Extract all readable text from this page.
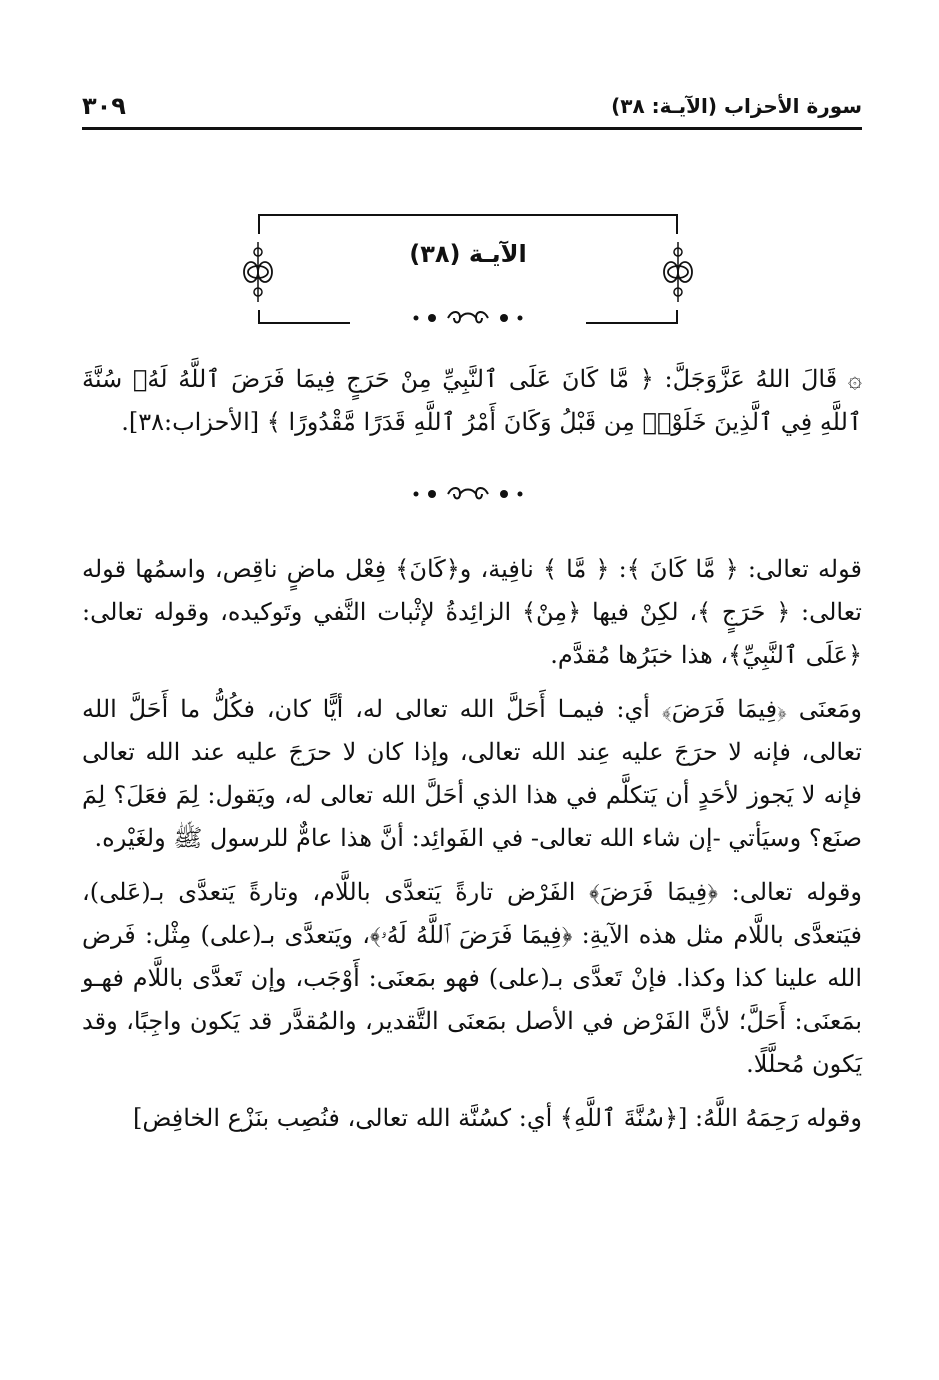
٣٠٩	سورة الأحزاب (الآيـة: ٣٨)
الآيـة (٣٨)

۞ قَالَ اللهُ عَزَّوَجَلَّ: ﴿ مَّا كَانَ عَلَى ٱلنَّبِيِّ مِنْ حَرَجٍ فِيمَا فَرَضَ ٱللَّهُ لَهُۥ سُنَّةَ ٱللَّهِ فِي ٱلَّذِينَ خَلَوْا۟ مِن قَبْلُ وَكَانَ أَمْرُ ٱللَّهِ قَدَرًا مَّقْدُورًا ﴾ [الأحزاب:٣٨].

قوله تعالى: ﴿ مَّا كَانَ ﴾: ﴿ مَّا ﴾ نافِية، و﴿كَانَ﴾ فِعْل ماضٍ ناقِص، واسمُها قوله تعالى: ﴿ حَرَجٍ ﴾، لكِنْ فيها ﴿مِنْ﴾ الزائِدةُ لإثْبات النَّفي وتَوكيده، وقوله تعالى: ﴿عَلَى ٱلنَّبِيِّ﴾، هذا خبَرُها مُقدَّم.

ومَعنَى ﴿فِيمَا فَرَضَ﴾ أي: فيمـا أَحَلَّ الله تعالى له، أيًّا كان، فكُلُّ ما أَحَلَّ الله تعالى، فإنه لا حرَجَ عليه عِند الله تعالى، وإذا كان لا حرَجَ عليه عند الله تعالى فإنه لا يَجوز لأحَدٍ أن يَتكلَّم في هذا الذي أحَلَّ الله تعالى له، ويَقول: لِمَ فعَلَ؟ لِمَ صنَع؟ وسيَأتي -إن شاء الله تعالى- في الفَوائِد: أنَّ هذا عامٌّ للرسول ﷺ ولغَيْره.

وقوله تعالى: ﴿فِيمَا فَرَضَ﴾ الفَرْض تارةً يَتعدَّى باللَّام، وتارةً يَتعدَّى بـ(عَلى)، فيَتعدَّى باللَّام مثل هذه الآيةِ: ﴿فِيمَا فَرَضَ ٱللَّهُ لَهُۥ﴾، ويَتعدَّى بـ(على) مِثْل: فَرض الله علينا كذا وكذا. فإنْ تَعدَّى بـ(على) فهو بمَعنَى: أَوْجَب، وإن تَعدَّى باللَّام فهـو بمَعنَى: أَحَلَّ؛ لأنَّ الفَرْض في الأصل بمَعنَى التَّقدير، والمُقدَّر قد يَكون واجِبًا، وقد يَكون مُحلَّلًا.

وقوله رَحِمَهُ اللَّهُ: [﴿سُنَّةَ ٱللَّهِ﴾ أي: كسُنَّة الله تعالى، فنُصِب بنَزْع الخافِض]
